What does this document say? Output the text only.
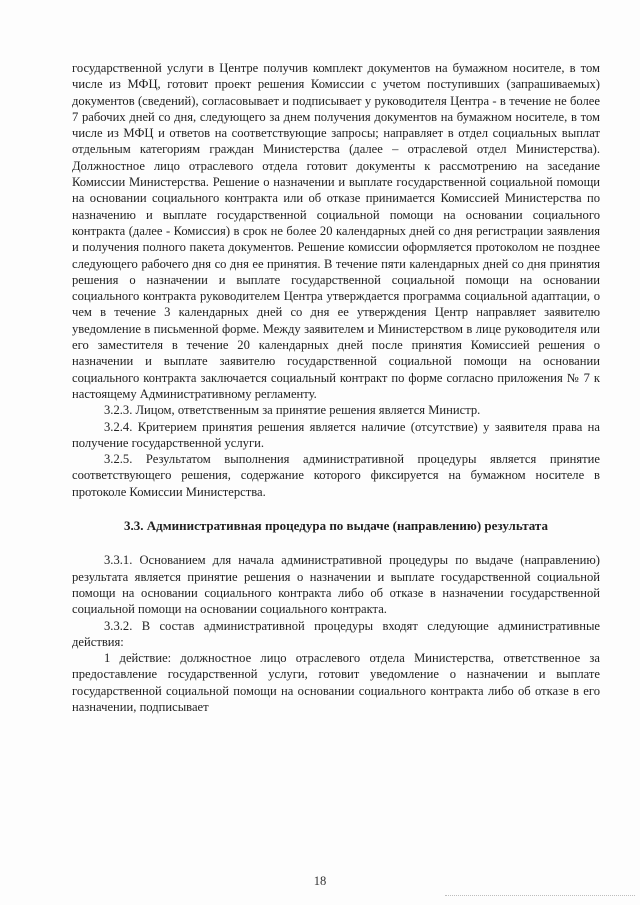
государственной услуги в Центре получив комплект документов на бумажном носителе, в том числе из МФЦ, готовит проект решения Комиссии с учетом поступивших (запрашиваемых) документов (сведений), согласовывает и подписывает у руководителя Центра - в течение не более 7 рабочих дней со дня, следующего за днем получения документов на бумажном носителе, в том числе из МФЦ и ответов на соответствующие запросы; направляет в отдел социальных выплат отдельным категориям граждан Министерства (далее – отраслевой отдел Министерства). Должностное лицо отраслевого отдела готовит документы к рассмотрению на заседание Комиссии Министерства. Решение о назначении и выплате государственной социальной помощи на основании социального контракта или об отказе принимается Комиссией Министерства по назначению и выплате государственной социальной помощи на основании социального контракта (далее - Комиссия) в срок не более 20 календарных дней со дня регистрации заявления и получения полного пакета документов. Решение комиссии оформляется протоколом не позднее следующего рабочего дня со дня ее принятия. В течение пяти календарных дней со дня принятия решения о назначении и выплате государственной социальной помощи на основании социального контракта руководителем Центра утверждается программа социальной адаптации, о чем в течение 3 календарных дней со дня ее утверждения Центр направляет заявителю уведомление в письменной форме. Между заявителем и Министерством в лице руководителя или его заместителя в течение 20 календарных дней после принятия Комиссией решения о назначении и выплате заявителю государственной социальной помощи на основании социального контракта заключается социальный контракт по форме согласно приложения № 7 к настоящему Административному регламенту.

3.2.3. Лицом, ответственным за принятие решения является Министр.

3.2.4. Критерием принятия решения является наличие (отсутствие) у заявителя права на получение государственной услуги.

3.2.5. Результатом выполнения административной процедуры является принятие соответствующего решения, содержание которого фиксируется на бумажном носителе в протоколе Комиссии Министерства.

3.3. Административная процедура по выдаче (направлению) результата

3.3.1. Основанием для начала административной процедуры по выдаче (направлению) результата является принятие решения о назначении и выплате государственной социальной помощи на основании социального контракта либо об отказе в назначении государственной социальной помощи на основании социального контракта.

3.3.2. В состав административной процедуры входят следующие административные действия:

1 действие: должностное лицо отраслевого отдела Министерства, ответственное за предоставление государственной услуги, готовит уведомление о назначении и выплате государственной социальной помощи на основании социального контракта либо об отказе в его назначении, подписывает

18
